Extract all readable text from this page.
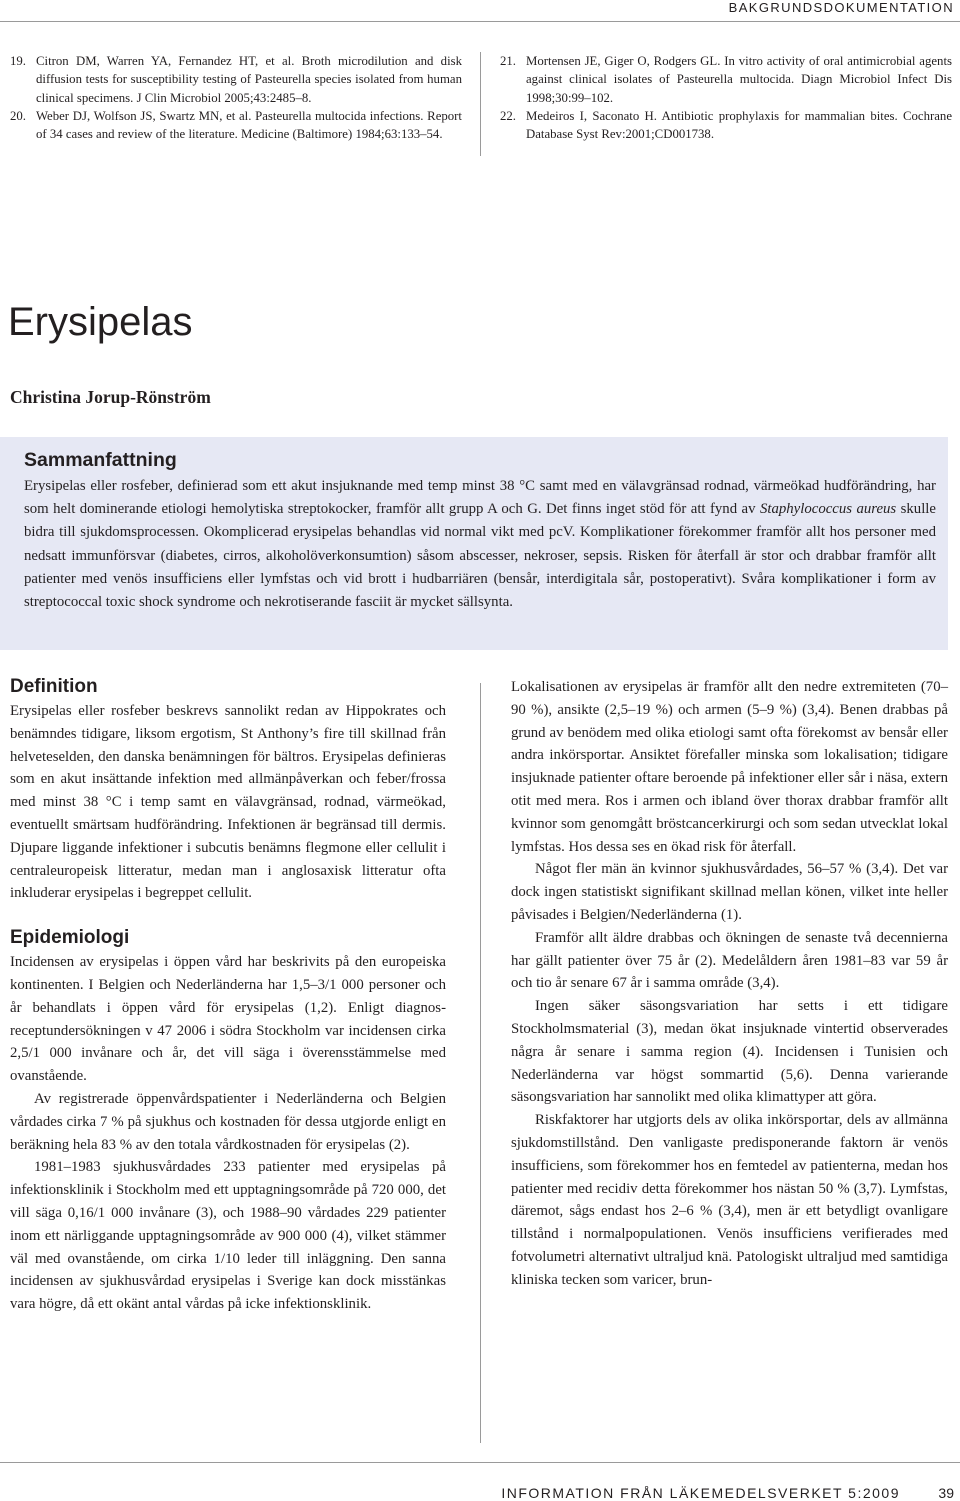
BAKGRUNDSDOKUMENTATION
19. Citron DM, Warren YA, Fernandez HT, et al. Broth microdilution and disk diffusion tests for susceptibility testing of Pasteurella species isolated from human clinical specimens. J Clin Microbiol 2005;43:2485–8.
20. Weber DJ, Wolfson JS, Swartz MN, et al. Pasteurella multocida infections. Report of 34 cases and review of the literature. Medicine (Baltimore) 1984;63:133–54.
21. Mortensen JE, Giger O, Rodgers GL. In vitro activity of oral antimicrobial agents against clinical isolates of Pasteurella multocida. Diagn Microbiol Infect Dis 1998;30:99–102.
22. Medeiros I, Saconato H. Antibiotic prophylaxis for mammalian bites. Cochrane Database Syst Rev:2001;CD001738.
Erysipelas
Christina Jorup-Rönström
Sammanfattning

Erysipelas eller rosfeber, definierad som ett akut insjuknande med temp minst 38 °C samt med en välavgränsad rodnad, värmeökad hudförändring, har som helt dominerande etiologi hemolytiska streptokocker, framför allt grupp A och G. Det finns inget stöd för att fynd av Staphylococcus aureus skulle bidra till sjukdomsprocessen. Okomplicerad erysipelas behandlas vid normal vikt med pcV. Komplikationer förekommer framför allt hos personer med nedsatt immunförsvar (diabetes, cirros, alkoholöverkonsumtion) såsom abscesser, nekroser, sepsis. Risken för återfall är stor och drabbar framför allt patienter med venös insufficiens eller lymfstas och vid brott i hudbarriären (bensår, interdigitala sår, postoperativt). Svåra komplikationer i form av streptococcal toxic shock syndrome och nekrotiserande fasciit är mycket sällsynta.

Definition

Erysipelas eller rosfeber beskrevs sannolikt redan av Hippokrates och benämndes tidigare, liksom ergotism, St Anthony’s fire till skillnad från helveteselden, den danska benämningen för bältros. Erysipelas definieras som en akut insättande infektion med allmänpåverkan och feber/frossa med minst 38 °C i temp samt en välavgränsad, rodnad, värmeökad, eventuellt smärtsam hudförändring. Infektionen är begränsad till dermis. Djupare liggande infektioner i subcutis benämns flegmone eller cellulit i centraleuropeisk litteratur, medan man i anglosaxisk litteratur ofta inkluderar erysipelas i begreppet cellulit.

Epidemiologi

Incidensen av erysipelas i öppen vård har beskrivits på den europeiska kontinenten. I Belgien och Nederländerna har 1,5–3/1 000 personer och år behandlats i öppen vård för erysipelas (1,2). Enligt diagnos-receptundersökningen v 47 2006 i södra Stockholm var incidensen cirka 2,5/1 000 invånare och år, det vill säga i överensstämmelse med ovanstående.

Av registrerade öppenvårdspatienter i Nederländerna och Belgien vårdades cirka 7 % på sjukhus och kostnaden för dessa utgjorde enligt en beräkning hela 83 % av den totala vårdkostnaden för erysipelas (2).

1981–1983 sjukhusvårdades 233 patienter med erysipelas på infektionsklinik i Stockholm med ett upptagningsområde på 720 000, det vill säga 0,16/1 000 invånare (3), och 1988–90 vårdades 229 patienter inom ett närliggande upptagningsområde av 900 000 (4), vilket stämmer väl med ovanstående, om cirka 1/10 leder till inläggning. Den sanna incidensen av sjukhusvårdad erysipelas i Sverige kan dock misstänkas vara högre, då ett okänt antal vårdas på icke infektionsklinik.

Lokalisationen av erysipelas är framför allt den nedre extremiteten (70–90 %), ansikte (2,5–19 %) och armen (5–9 %) (3,4). Benen drabbas på grund av benödem med olika etiologi samt ofta förekomst av bensår eller andra inkörsportar. Ansiktet förefaller minska som lokalisation; tidigare insjuknade patienter oftare beroende på infektioner eller sår i näsa, extern otit med mera. Ros i armen och ibland över thorax drabbar framför allt kvinnor som genomgått bröstcancerkirurgi och som sedan utvecklat lokal lymfstas. Hos dessa ses en ökad risk för återfall.

Något fler män än kvinnor sjukhusvårdades, 56–57 % (3,4). Det var dock ingen statistiskt signifikant skillnad mellan könen, vilket inte heller påvisades i Belgien/Nederländerna (1).

Framför allt äldre drabbas och ökningen de senaste två decennierna har gällt patienter över 75 år (2). Medelåldern åren 1981–83 var 59 år och tio år senare 67 år i samma område (3,4).

Ingen säker säsongsvariation har setts i ett tidigare Stockholmsmaterial (3), medan ökat insjuknade vintertid observerades några år senare i samma region (4). Incidensen i Tunisien och Nederländerna var högst sommartid (5,6). Denna varierande säsongsvariation har sannolikt med olika klimattyper att göra.

Riskfaktorer har utgjorts dels av olika inkörsportar, dels av allmänna sjukdomstillstånd. Den vanligaste predisponerande faktorn är venös insufficiens, som förekommer hos en femtedel av patienterna, medan hos patienter med recidiv detta förekommer hos nästan 50 % (3,7). Lymfstas, däremot, sågs endast hos 2–6 % (3,4), men är ett betydligt ovanligare tillstånd i normalpopulationen. Venös insufficiens verifierades med fotvolumetri alternativt ultraljud knä. Patologiskt ultraljud med samtidiga kliniska tecken som varicer, brun-

INFORMATION FRÅN LÄKEMEDELSVERKET 5:2009	39
